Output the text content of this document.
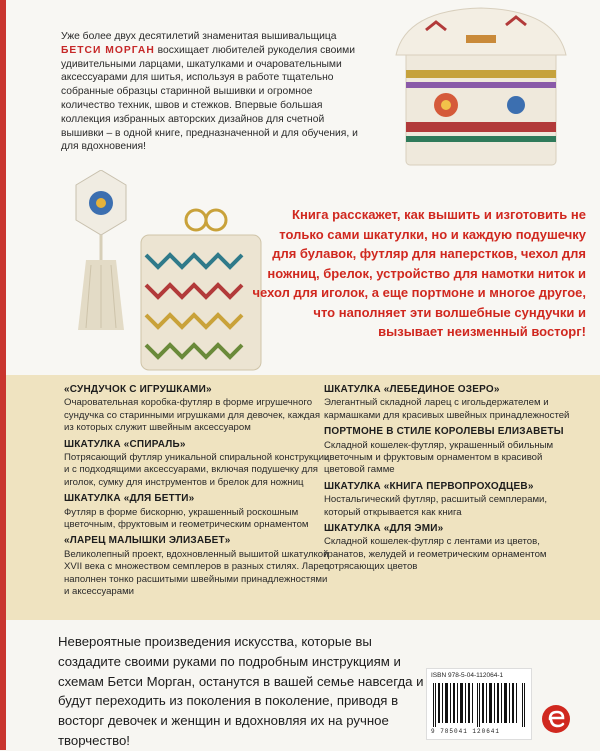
Уже более двух десятилетий знаменитая вышивальщица БЕТСИ МОРГАН восхищает любителей рукоделия своими удивительными ларцами, шкатулками и очаровательными аксессуарами для шитья, используя в работе тщательно собранные образцы старинной вышивки и огромное количество техник, швов и стежков. Впервые большая коллекция избранных авторских дизайнов для счетной вышивки – в одной книге, предназначенной и для обучения, и для вдохновения!
Книга расскажет, как вышить и изготовить не только сами шкатулки, но и каждую подушечку для булавок, футляр для наперстков, чехол для ножниц, брелок, устройство для намотки ниток и чехол для иголок, а еще портмоне и многое другое, что наполняет эти волшебные сундучки и вызывает неизменный восторг!
«СУНДУЧОК С ИГРУШКАМИ»
Очаровательная коробка-футляр в форме игрушечного сундучка со старинными игрушками для девочек, каждая из которых служит швейным аксессуаром
ШКАТУЛКА «СПИРАЛЬ»
Потрясающий футляр уникальной спиральной конструкции и с подходящими аксессуарами, включая подушечку для иголок, сумку для инструментов и брелок для ножниц
ШКАТУЛКА «ДЛЯ БЕТТИ»
Футляр в форме бискорню, украшенный роскошным цветочным, фруктовым и геометрическим орнаментом
«ЛАРЕЦ МАЛЫШКИ ЭЛИЗАБЕТ»
Великолепный проект, вдохновленный вышитой шкатулкой XVII века с множеством семплеров в разных стилях. Ларец наполнен тонко расшитыми швейными принадлежностями и аксессуарами
ШКАТУЛКА «ЛЕБЕДИНОЕ ОЗЕРО»
Элегантный складной ларец с игольдержателем и кармашками для красивых швейных принадлежностей
ПОРТМОНЕ В СТИЛЕ КОРОЛЕВЫ ЕЛИЗАВЕТЫ
Складной кошелек-футляр, украшенный обильным цветочным и фруктовым орнаментом в красивой цветовой гамме
ШКАТУЛКА «КНИГА ПЕРВОПРОХОДЦЕВ»
Ностальгический футляр, расшитый семплерами, который открывается как книга
ШКАТУЛКА «ДЛЯ ЭМИ»
Складной кошелек-футляр с лентами из цветов, гранатов, желудей и геометрическим орнаментом потрясающих цветов
Невероятные произведения искусства, которые вы создадите своими руками по подробным инструкциям и схемам Бетси Морган, останутся в вашей семье навсегда и будут переходить из поколения в поколение, приводя в восторг девочек и женщин и вдохновляя их на ручное творчество!
ISBN 978-5-04-112064-1
9 785041 120641
